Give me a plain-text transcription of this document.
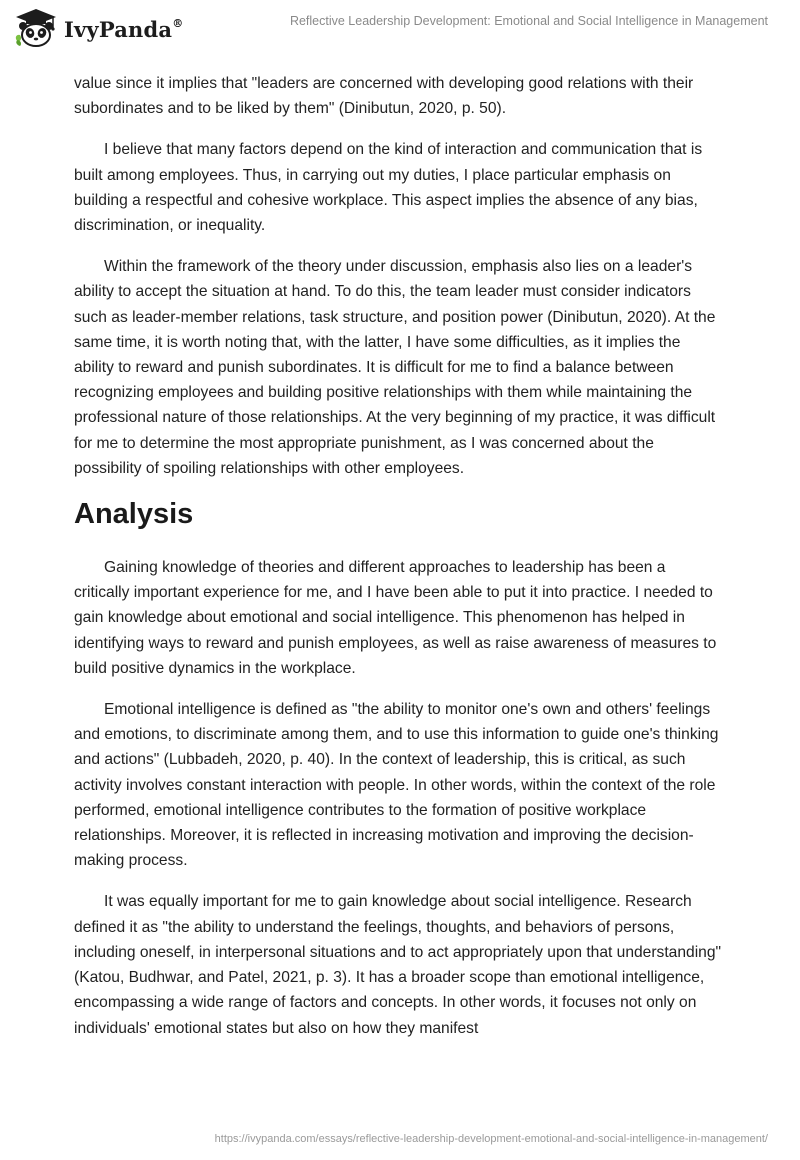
IvyPanda®	Reflective Leadership Development: Emotional and Social Intelligence in Management

value since it implies that "leaders are concerned with developing good relations with their subordinates and to be liked by them" (Dinibutun, 2020, p. 50).

I believe that many factors depend on the kind of interaction and communication that is built among employees. Thus, in carrying out my duties, I place particular emphasis on building a respectful and cohesive workplace. This aspect implies the absence of any bias, discrimination, or inequality.

Within the framework of the theory under discussion, emphasis also lies on a leader's ability to accept the situation at hand. To do this, the team leader must consider indicators such as leader-member relations, task structure, and position power (Dinibutun, 2020). At the same time, it is worth noting that, with the latter, I have some difficulties, as it implies the ability to reward and punish subordinates. It is difficult for me to find a balance between recognizing employees and building positive relationships with them while maintaining the professional nature of those relationships. At the very beginning of my practice, it was difficult for me to determine the most appropriate punishment, as I was concerned about the possibility of spoiling relationships with other employees.

Analysis

Gaining knowledge of theories and different approaches to leadership has been a critically important experience for me, and I have been able to put it into practice. I needed to gain knowledge about emotional and social intelligence. This phenomenon has helped in identifying ways to reward and punish employees, as well as raise awareness of measures to build positive dynamics in the workplace.

Emotional intelligence is defined as "the ability to monitor one's own and others' feelings and emotions, to discriminate among them, and to use this information to guide one's thinking and actions" (Lubbadeh, 2020, p. 40). In the context of leadership, this is critical, as such activity involves constant interaction with people. In other words, within the context of the role performed, emotional intelligence contributes to the formation of positive workplace relationships. Moreover, it is reflected in increasing motivation and improving the decision-making process.

It was equally important for me to gain knowledge about social intelligence. Research defined it as "the ability to understand the feelings, thoughts, and behaviors of persons, including oneself, in interpersonal situations and to act appropriately upon that understanding" (Katou, Budhwar, and Patel, 2021, p. 3). It has a broader scope than emotional intelligence, encompassing a wide range of factors and concepts. In other words, it focuses not only on individuals' emotional states but also on how they manifest

https://ivypanda.com/essays/reflective-leadership-development-emotional-and-social-intelligence-in-management/
